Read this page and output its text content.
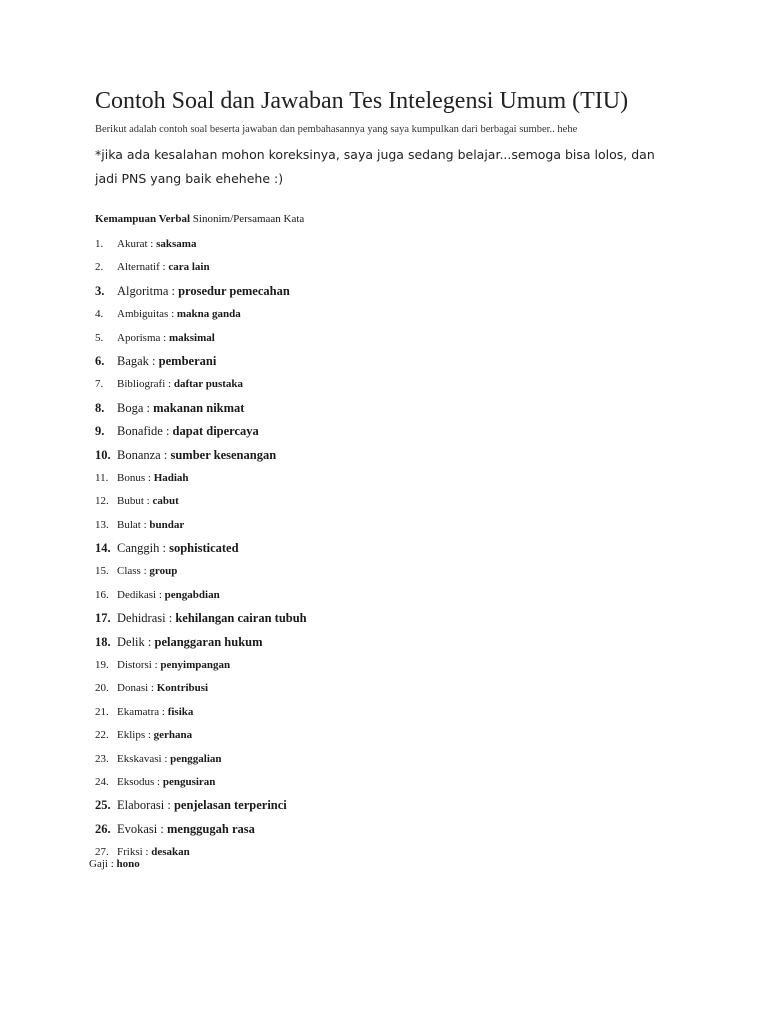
Contoh Soal dan Jawaban Tes Intelegensi Umum (TIU)
Berikut adalah contoh soal beserta jawaban dan pembahasannya yang saya kumpulkan dari berbagai sumber.. hehe
*jika ada kesalahan mohon koreksinya, saya juga sedang belajar...semoga bisa lolos, dan jadi PNS yang baik ehehehe :)
Kemampuan Verbal Sinonim/Persamaan Kata
1. Akurat : saksama
2. Alternatif : cara lain
3. Algoritma : prosedur pemecahan
4. Ambiguitas : makna ganda
5. Aporisma : maksimal
6. Bagak : pemberani
7. Bibliografi : daftar pustaka
8. Boga : makanan nikmat
9. Bonafide : dapat dipercaya
10. Bonanza : sumber kesenangan
11. Bonus : Hadiah
12. Bubut : cabut
13. Bulat : bundar
14. Canggih : sophisticated
15. Class : group
16. Dedikasi : pengabdian
17. Dehidrasi : kehilangan cairan tubuh
18. Delik : pelanggaran hukum
19. Distorsi : penyimpangan
20. Donasi : Kontribusi
21. Ekamatra : fisika
22. Eklips : gerhana
23. Ekskavasi : penggalian
24. Eksodus : pengusiran
25. Elaborasi : penjelasan terperinci
26. Evokasi : menggugah rasa
27. Friksi : desakan
Gaji : hono
